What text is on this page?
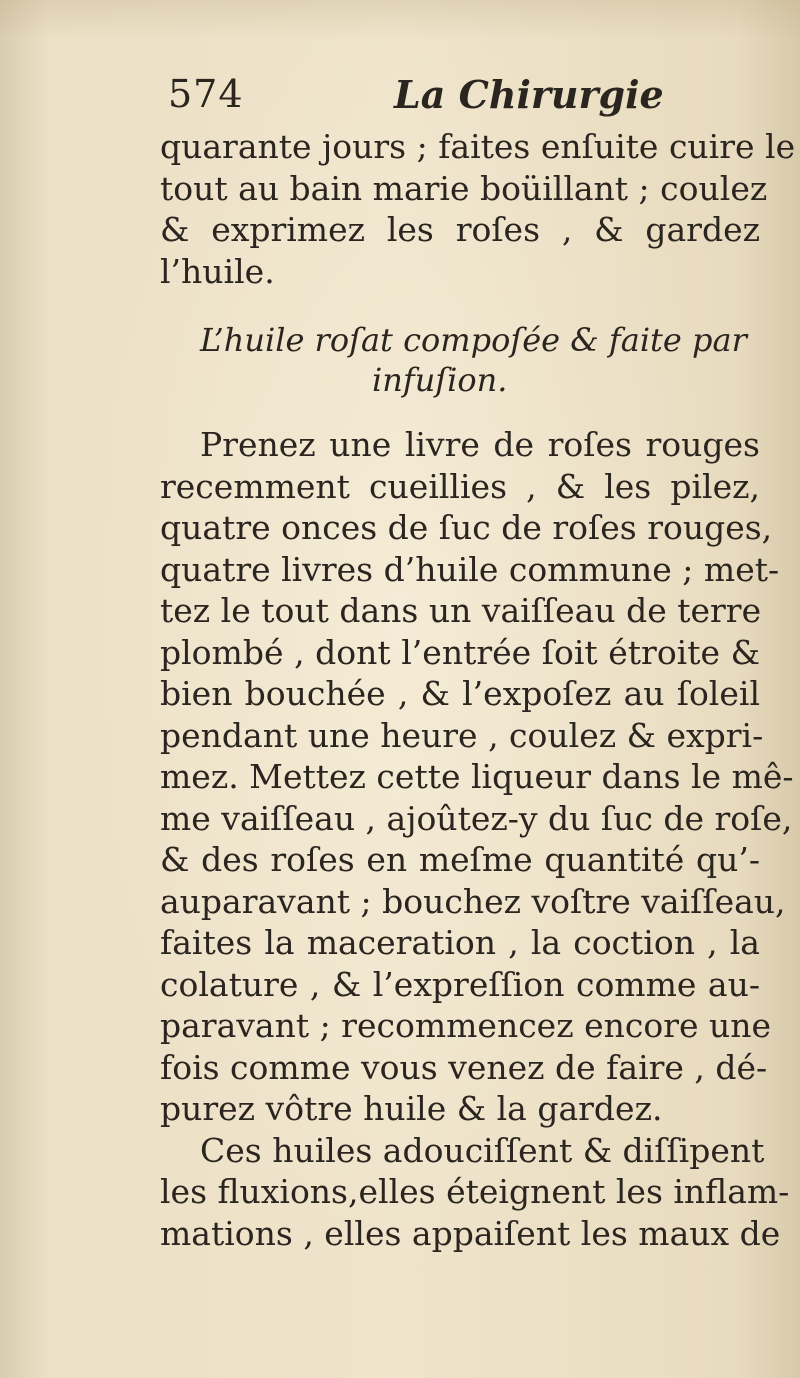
574	La Chirurgie
quarante jours ; faites enſuite cuire le
tout au bain marie boüillant ; coulez
& exprimez les roſes , & gardez
l’huile.
L’huile roſat compoſée & faite par
infuſion.
Prenez une livre de roſes rouges
recemment cueillies , & les pilez,
quatre onces de ſuc de roſes rouges,
quatre livres d’huile commune ; met-
tez le tout dans un vaiſſeau de terre
plombé , dont l’entrée ſoit étroite &
bien bouchée , & l’expoſez au ſoleil
pendant une heure , coulez & expri-
mez. Mettez cette liqueur dans le mê-
me vaiſſeau , ajoûtez-y du ſuc de roſe,
& des roſes en meſme quantité qu’-
auparavant ; bouchez voſtre vaiſſeau,
faites la maceration , la coction , la
colature , & l’expreſſion comme au-
paravant ; recommencez encore une
fois comme vous venez de faire , dé-
purez vôtre huile & la gardez.
Ces huiles adouciſſent & diſſipent
les fluxions,elles éteignent les inflam-
mations , elles appaiſent les maux de
